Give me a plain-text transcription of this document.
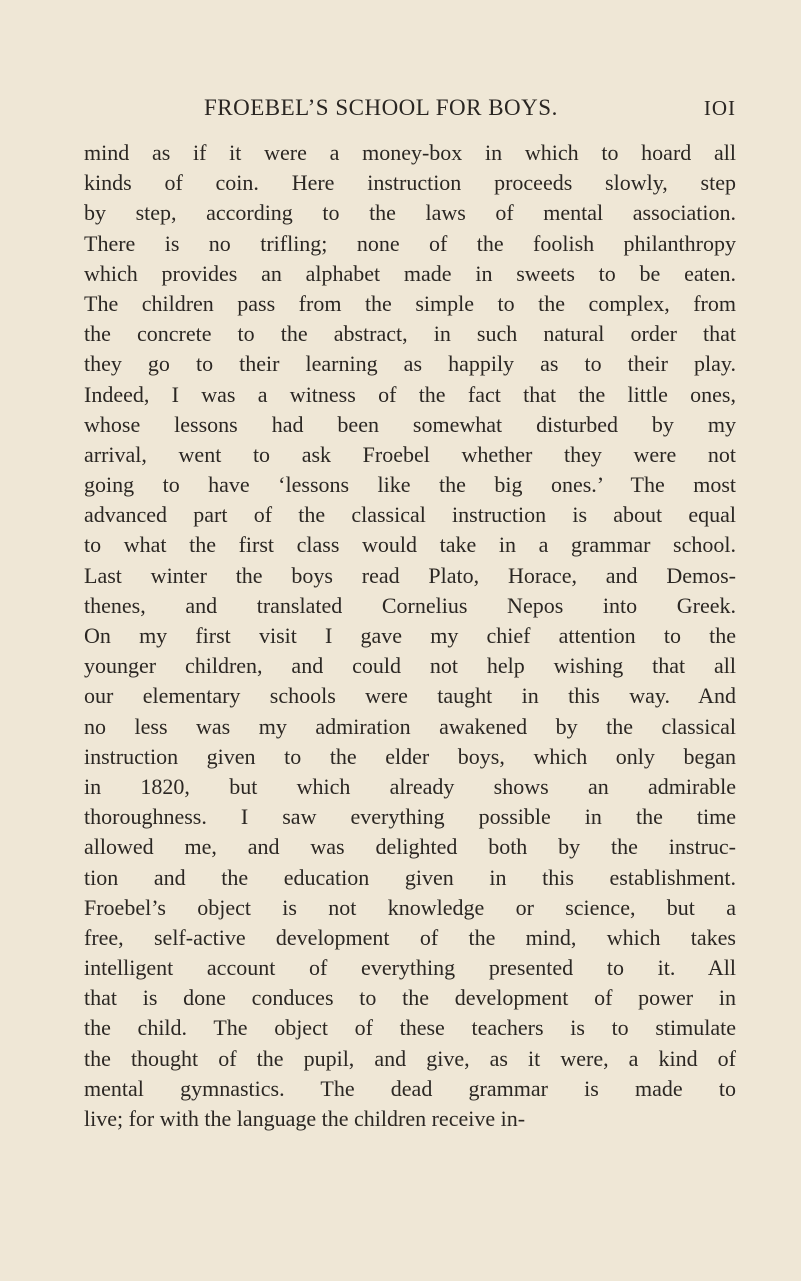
FROEBEL’S SCHOOL FOR BOYS.	IOI
mind as if it were a money-box in which to hoard all
kinds of coin. Here instruction proceeds slowly, step
by step, according to the laws of mental association.
There is no trifling; none of the foolish philanthropy
which provides an alphabet made in sweets to be eaten.
The children pass from the simple to the complex, from
the concrete to the abstract, in such natural order that
they go to their learning as happily as to their play.
Indeed, I was a witness of the fact that the little ones,
whose lessons had been somewhat disturbed by my
arrival, went to ask Froebel whether they were not
going to have ‘lessons like the big ones.’ The most
advanced part of the classical instruction is about equal
to what the first class would take in a grammar school.
Last winter the boys read Plato, Horace, and Demos-
thenes, and translated Cornelius Nepos into Greek.
On my first visit I gave my chief attention to the
younger children, and could not help wishing that all
our elementary schools were taught in this way. And
no less was my admiration awakened by the classical
instruction given to the elder boys, which only began
in 1820, but which already shows an admirable
thoroughness. I saw everything possible in the time
allowed me, and was delighted both by the instruc-
tion and the education given in this establishment.
Froebel’s object is not knowledge or science, but a
free, self-active development of the mind, which takes
intelligent account of everything presented to it. All
that is done conduces to the development of power in
the child. The object of these teachers is to stimulate
the thought of the pupil, and give, as it were, a kind of
mental gymnastics. The dead grammar is made to
live; for with the language the children receive in-
